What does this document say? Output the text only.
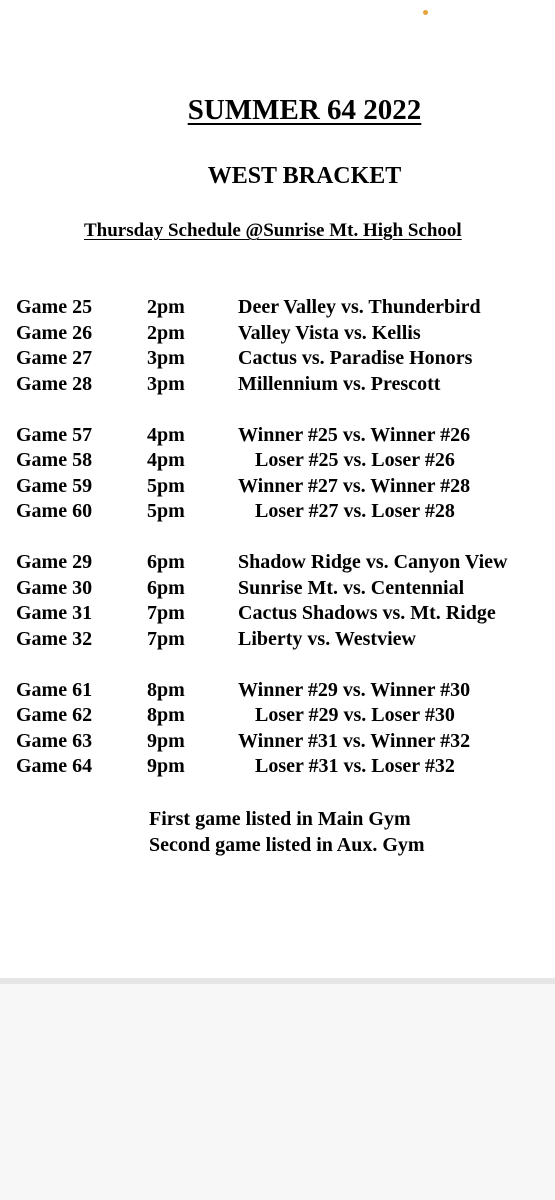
SUMMER 64 2022
WEST BRACKET
Thursday Schedule @Sunrise Mt. High School
Game 25	2pm	Deer Valley vs. Thunderbird
Game 26	2pm	Valley Vista vs. Kellis
Game 27	3pm	Cactus vs. Paradise Honors
Game 28	3pm	Millennium vs. Prescott
Game 57	4pm	Winner #25 vs. Winner #26
Game 58	4pm	Loser #25 vs. Loser #26
Game 59	5pm	Winner #27 vs. Winner #28
Game 60	5pm	Loser #27 vs. Loser #28
Game 29	6pm	Shadow Ridge vs. Canyon View
Game 30	6pm	Sunrise Mt. vs. Centennial
Game 31	7pm	Cactus Shadows vs. Mt. Ridge
Game 32	7pm	Liberty vs. Westview
Game 61	8pm	Winner #29 vs. Winner #30
Game 62	8pm	Loser #29 vs. Loser #30
Game 63	9pm	Winner #31 vs. Winner #32
Game 64	9pm	Loser #31 vs. Loser #32
First game listed in Main Gym
Second game listed in Aux. Gym
